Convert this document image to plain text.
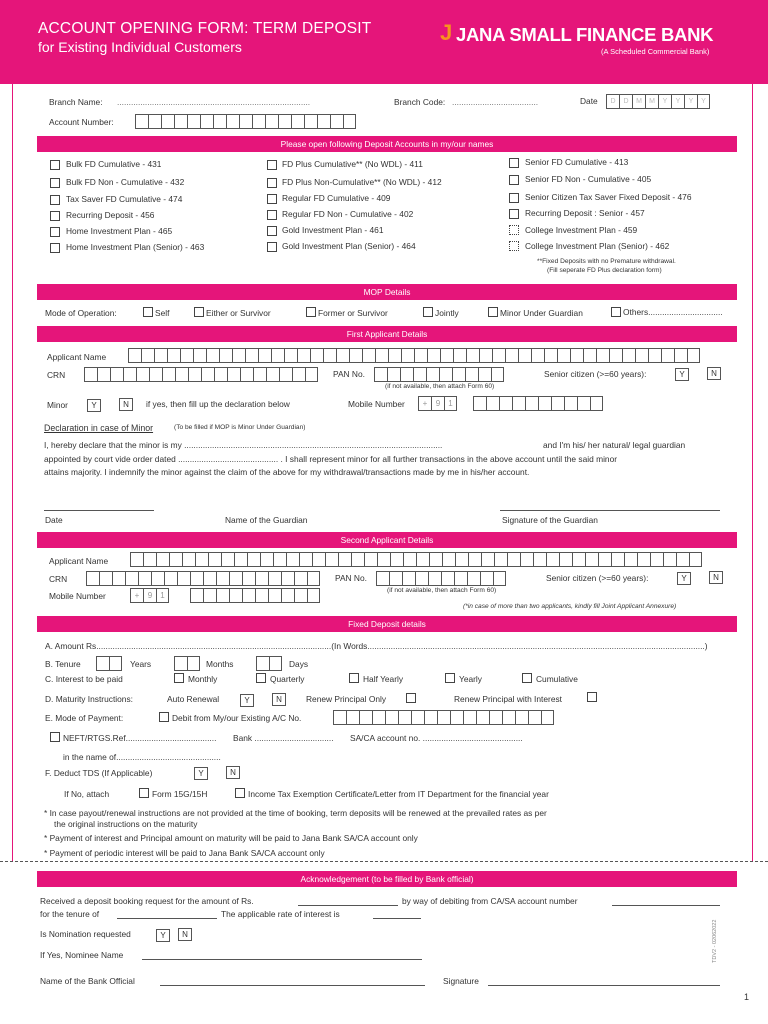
ACCOUNT OPENING FORM: TERM DEPOSIT
for Existing Individual Customers
J JANA SMALL FINANCE BANK
(A Scheduled Commercial Bank)
Branch Name: ...................................................................................	Branch Code: .....................................	Date	D	D	M	M	Y	Y	Y	Y
Account Number:
Please open following Deposit Accounts in my/our names
Bulk FD Cumulative - 431
Bulk FD Non - Cumulative - 432
Tax Saver FD Cumulative - 474
Recurring Deposit - 456
Home Investment Plan - 465
Home Investment Plan (Senior) - 463
FD Plus Cumulative** (No WDL) - 411
FD Plus Non-Cumulative** (No WDL) - 412
Regular FD Cumulative - 409
Regular FD Non - Cumulative - 402
Gold Investment Plan - 461
Gold Investment Plan (Senior) - 464
Senior FD Cumulative - 413
Senior FD Non - Cumulative - 405
Senior Citizen Tax Saver Fixed Deposit - 476
Recurring Deposit : Senior - 457
College Investment Plan - 459
College Investment Plan (Senior) - 462
**Fixed Deposits with no Premature withdrawal.
(Fill seperate FD Plus declaration form)
MOP Details
Mode of Operation:	Self	Either or Survivor	Former or Survivor	Jointly	Minor Under Guardian	Others................................
First Applicant Details
Applicant Name
CRN	PAN No.
(if not available, then attach Form 60)
Senior citizen (>=60 years):	Y	N
Minor	Y	N	if yes, then fill up the declaration below	Mobile Number	+	9	1
Declaration in case of Minor	(To be filled if MOP is Minor Under Guardian)
I, hereby declare that the minor is my ...............................................................................................................	and I'm his/ her natural/ legal guardian
appointed by court vide order dated ........................................... . I shall represent minor for all further transactions in the above account until the said minor
attains majority. I indemnify the minor against the claim of the above for my withdrawal/transactions made by me in his/her account.
Date	Name of the Guardian	Signature of the Guardian
Second Applicant Details
Applicant Name
CRN	PAN No.
(if not available, then attach Form 60)
Senior citizen (>=60 years):	Y	N
Mobile Number	+	9	1
(*in case of more than two applicants, kindly fill Joint Applicant Annexure)
Fixed Deposit details
A. Amount Rs.....................................................................................................(In Words.................................................................................................................................................)
B. Tenure	Years	Months	Days
C. Interest to be paid	Monthly	Quarterly	Half Yearly	Yearly	Cumulative
D. Maturity Instructions:	Auto Renewal	Y	N	Renew Principal Only	Renew Principal with Interest
E. Mode of Payment:	Debit from My/our Existing A/C No.
NEFT/RTGS.Ref....................................... Bank .................................. SA/CA account no. ...........................................
in the name of.............................................
F. Deduct TDS (If Applicable)	Y	N
If No, attach	Form 15G/15H	Income Tax Exemption Certificate/Letter from IT Department for the financial year
* In case payout/renewal instructions are not provided at the time of booking, term deposits will be renewed at the prevailed rates as per
the original instructions on the maturity
* Payment of interest and Principal amount on maturity will be paid to Jana Bank SA/CA account only
* Payment of periodic interest will be paid to Jana Bank SA/CA account only
Acknowledgement (to be filled by Bank official)
Received a deposit booking request for the amount of Rs.	by way of debiting from CA/SA account number
for the tenure of	The applicable rate of interest is
Is Nomination requested	Y	N
If Yes, Nominee Name
Name of the Bank Official	Signature
TDV2 - 02062022
1
